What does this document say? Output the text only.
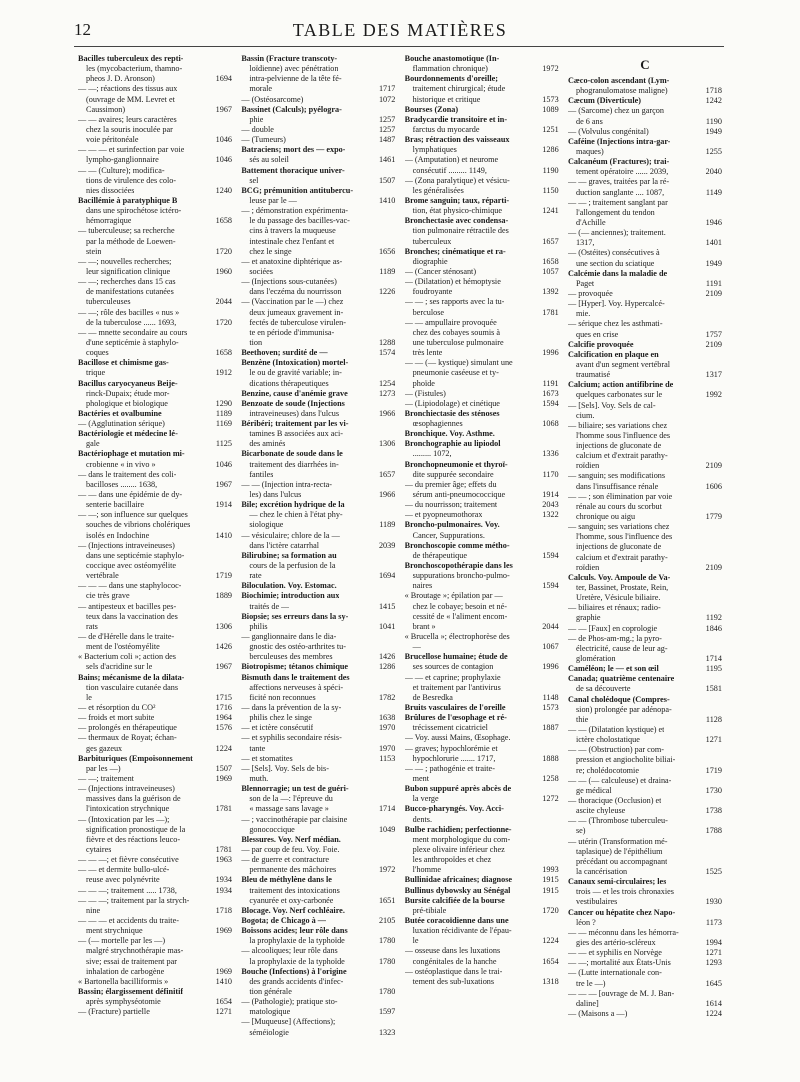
12	TABLE DES MATIÈRES
Bacilles tuberculeux des repti-
les (mycobacterium, thamno-
pheos J. D. Aronson)	1694
— —; réactions des tissus aux
(ouvrage de MM. Levret et
Caussimon)	1967
— — avaires; leurs caractères
chez la souris inoculée par
voie péritonéale	1046
— — — et surinfection par voie
lympho-ganglionnaire	1046
— — (Culture); modifica-
tions de virulence des colo-
nies dissociées	1240
Bacillémie à paratyphique B
dans une spirochétose ictéro-
hémorragique	1658
— tuberculeuse; sa recherche
par la méthode de Loewen-
stein	1720
— —; nouvelles recherches;
leur signification clinique	1960
— —; recherches dans 15 cas
de manifestations cutanées
tuberculeuses	2044
— —; rôle des bacilles « nus »
de la tuberculose ...... 1693,	1720
— — mnette secondaire au cours
d'une septicémie à staphylo-
coques	1658
Bacillose et chimisme gas-
trique	1912
Bacillus caryocyaneus Beije-
rinck-Dupaix; étude mor-
phologique et biologique	1290
Bactéries et ovalbumine	1189
— (Agglutination sérique)	1169
Bactériologie et médecine lé-
gale	1125
Bactériophage et mutation mi-
crobienne « in vivo »	1046
— dans le traitement des coli-
bacilloses ........ 1638,	1967
— — dans une épidémie de dy-
senterie bacillaire	1914
— —; son influence sur quelques
souches de vibrions cholériques
isolés en Indochine	1410
— (Injections intraveineuses)
dans une septicémie staphylo-
coccique avec ostéomyélite
vertébrale	1719
— — — dans une staphylococ-
cie très grave	1889
— antipesteux et bacilles pes-
teux dans la vaccination des
rats	1306
— de d'Hérelle dans le traite-
ment de l'ostéomyélite	1426
« Bacterium coli »; action des
sels d'acridine sur le	1967
Bains; mécanisme de la dilata-
tion vasculaire cutanée dans
le	1715
— et résorption du CO²	1716
— froids et mort subite	1964
— prolongés en thérapeutique	1576
— thermaux de Royat; échan-
ges gazeux	1224
Barbituriques (Empoisonnement
par les —)	1507
— —; traitement	1969
— (Injections intraveineuses)
massives dans la guérison de
l'intoxication strychnique	1781
— (Intoxication par les —);
signification pronostique de la
fièvre et des réactions leuco-
cytaires	1781
— — —; et fièvre consécutive	1963
— — et dermite bullo-ulcé-
reuse avec polynévrite	1934
— — —; traitement ..... 1738,	1934
— — —; traitement par la strych-
nine	1718
— — — et accidents du traite-
ment strychnique	1969
— (— mortelle par les —)
malgré strychnothérapie mas-
sive; essai de traitement par
inhalation de carbogène	1969
« Bartonella bacilliformis »	1410
Bassin; élargissement définitif
après symphyséotomie	1654
— (Fracture) partielle	1271
Bassin (Fracture transcoty-
loïdienne) avec pénétration
intra-pelvienne de la tête fé-
morale	1717
— (Ostéosarcome)	1072
Bassinet (Calculs); pyélogra-
phie	1257
— double	1257
— (Tumeurs)	1487
Batraciens; mort des — expo-
sés au soleil	1461
Battement thoracique univer-
sel	1507
BCG; prémunition antitubercu-
leuse par le —	1410
— ; démonstration expérimenta-
le du passage des bacilles-vac-
cins à travers la muqueuse
intestinale chez l'enfant et
chez le singe	1656
— et anatoxine diphtérique as-
sociées	1189
— (Injections sous-cutanées)
dans l'eczéma du nourrisson	1226
— (Vaccination par le —) chez
deux jumeaux gravement in-
fectés de tuberculose virulen-
te en période d'immunisa-
tion	1288
Beethoven; surdité de —	1574
Benzène (Intoxication) mortel-
le ou de gravité variable; in-
dications thérapeutiques	1254
Benzine, cause d'anémie grave	1273
Benzoate de soude (Injections
intraveineuses) dans l'ulcus	1966
Béribéri; traitement par les vi-
tamines B associées aux aci-
des aminés	1306
Bicarbonate de soude dans le
traitement des diarrhées in-
fantiles	1657
— — (Injection intra-recta-
les) dans l'ulcus	1966
Bile; excrétion hydrique de la
— chez le chien à l'état phy-
siologique	1189
— vésiculaire; chlore de la —
dans l'ictère catarrhal	2039
Bilirubine; sa formation au
cours de la perfusion de la
rate	1694
Biloculation. Voy. Estomac.
Biochimie; introduction aux
traités de —	1415
Biopsie; ses erreurs dans la sy-
philis	1041
— ganglionnaire dans le dia-
gnostic des ostéo-arthrites tu-
berculeuses des membres	1426
Biotropisme; tétanos chimique	1286
Bismuth dans le traitement des
affections nerveuses à spéci-
ficité non reconnues	1782
— dans la prévention de la sy-
philis chez le singe	1638
— et ictère consécutif	1970
— et syphilis secondaire résis-
tante	1970
— et stomatites	1153
— [Sels]. Voy. Sels de bis-
muth.
Blennorragie; un test de guéri-
son de la —: l'épreuve du
« massage sans lavage »	1714
— ; vaccinothérapie par claisine
gonococcique	1049
Blessures. Voy. Nerf médian.
— par coup de feu. Voy. Foie.
— de guerre et contracture
permanente des mâchoires	1972
Bleu de méthylène dans le
traitement des intoxications
cyanurée et oxy-carbonée	1651
Blocage. Voy. Nerf cochléaire.
Bogota; de Chicago à —	2105
Boissons acides; leur rôle dans
la prophylaxie de la typhoïde	1780
— alcooliques; leur rôle dans
la prophylaxie de la typhoïde	1780
Bouche (Infections) à l'origine
des grands accidents d'infec-
tion générale	1780
— (Pathologie); pratique sto-
matologique	1597
— [Muqueuse] (Affections);
séméiologie	1323
Bouche anastomotique (In-
flammation chronique)	1972
Bourdonnements d'oreille;
traitement chirurgical; étude
historique et critique	1573
Bourses (Zona)	1089
Bradycardie transitoire et in-
farctus du myocarde	1251
Bras; rétraction des vaisseaux
lymphatiques	1286
— (Amputation) et neurome
consécutif ......... 1149,	1190
— (Zona paralytique) et vésicu-
les généralisées	1150
Brome sanguin; taux, réparti-
tion, état physico-chimique	1241
Bronchectasie avec condensa-
tion pulmonaire rétractile des
tuberculeux	1657
Bronches; cinématique et ra-
diographie	1658
— (Cancer sténosant)	1057
— (Dilatation) et hémoptysie
foudroyante	1392
— — ; ses rapports avec la tu-
berculose	1781
— — ampullaire provoquée
chez des cobayes soumis à
une tuberculose pulmonaire
très lente	1996
— — (— kystique) simulant une
pneumonie caséeuse et ty-
phoïde	1191
— (Fistules)	1673
— (Lipiodolage) et cinétique	1594
Bronchiectasie des sténoses
œsophagiennes	1068
Bronchique. Voy. Asthme.
Bronchographie au lipiodol
......... 1072,	1336
Bronchopneumonie et thyroï-
dite suppurée secondaire	1170
— du premier âge; effets du
sérum anti-pneumococcique	1914
— du nourrisson; traitement	2043
— et pyopneumothorax	1322
Broncho-pulmonaires. Voy.
Cancer, Suppurations.
Bronchoscopie comme métho-
de thérapeutique	1594
Bronchoscopothérapie dans les
suppurations broncho-pulmo-
naires	1594
« Broutage »; épilation par —
chez le cobaye; besoin et né-
cessité de « l'aliment encom-
brant »	2044
« Brucella »; électrophorèse des
—	1067
Brucellose humaine; étude de
ses sources de contagion	1996
— — et caprine; prophylaxie
et traitement par l'antivirus
de Besredka	1148
Bruits vasculaires de l'oreille	1573
Brûlures de l'œsophage et ré-
trécissement cicatriciel	1887
— Voy. aussi Mains, Œsophage.
— graves; hypochlorémie et
hypochlorurie ....... 1717,	1888
— — ; pathogénie et traite-
ment	1258
Bubon suppuré après abcès de
la verge	1272
Bucco-pharyngés. Voy. Acci-
dents.
Bulbe rachidien; perfectionne-
ment morphologique du com-
plexe olivaire inférieur chez
les anthropoïdes et chez
l'homme	1993
Bullinidae africaines; diagnose	1915
Bullinus dybowsky au Sénégal	1915
Bursite calcifiée de la bourse
pré-tibiale	1720
Butée coracoïdienne dans une
luxation récidivante de l'épau-
le	1224
— osseuse dans les luxations
congénitales de la hanche	1654
— ostéoplastique dans le trai-
tement des sub-luxations	1318
C
Cæco-colon ascendant (Lym-
phogranulomatose maligne)	1718
Cæcum (Diverticule)	1242
— (Sarcome) chez un garçon
de 6 ans	1190
— (Volvulus congénital)	1949
Caféine (Injections intra-gar-
maques)	1255
Calcanéum (Fractures); trai-
tement opératoire ...... 2039,	2040
— — graves, traitées par la ré-
duction sanglante .... 1087,	1149
— — ; traitement sanglant par
l'allongement du tendon
d'Achille	1946
— (— anciennes); traitement.
1317,	1401
— (Ostéites) consécutives à
une section du sciatique	1949
Calcémie dans la maladie de
Paget	1191
— provoquée	2109
— [Hyper]. Voy. Hypercalcé-
mie.
— sérique chez les asthmati-
ques en crise	1757
Calcifie provoquée	2109
Calcification en plaque en
avant d'un segment vertébral
traumatisé	1317
Calcium; action antifibrine de
quelques carbonates sur le	1992
— [Sels]. Voy. Sels de cal-
cium.
— biliaire; ses variations chez
l'homme sous l'influence des
injections de gluconate de
calcium et d'extrait parathy-
roïdien	2109
— sanguin; ses modifications
dans l'insuffisance rénale	1606
— — ; son élimination par voie
rénale au cours du scorbut
chronique ou aigu	1779
— sanguin; ses variations chez
l'homme, sous l'influence des
injections de gluconate de
calcium et d'extrait parathy-
roïdien	2109
Calculs. Voy. Ampoule de Va-
ter, Bassinet, Prostate, Rein,
Uretère, Vésicule biliaire.
— biliaires et rénaux; radio-
graphie	1192
— — [Faux] en coprologie	1846
— de Phos-am-mg.; la pyro-
électricité, cause de leur ag-
glomération	1714
Caméléon; le — et son œil	1195
Canada; quatrième centenaire
de sa découverte	1581
Canal cholédoque (Compres-
sion) prolongée par adénopa-
thie	1128
— — (Dilatation kystique) et
ictère cholostatique	1271
— — (Obstruction) par com-
pression et angiocholite biliai-
re; cholédocotomie	1719
— — (— calculeuse) et draina-
ge médical	1730
— thoracique (Occlusion) et
ascite chyleuse	1738
— — (Thrombose tuberculeu-
se)	1788
— utérin (Transformation mé-
taplasique) de l'épithélium
précédant ou accompagnant
la cancérisation	1525
Canaux semi-circulaires; les
trois — et les trois chronaxies
vestibulaires	1930
Cancer ou hépatite chez Napo-
léon ?	1173
— — méconnu dans les hémorra-
gies des artério-scléreux	1994
— — et syphilis en Norvège	1271
— —; mortalité aux États-Unis	1293
— (Lutte internationale con-
tre le —)	1645
— — — [ouvrage de M. J. Ban-
daline]	1614
— (Maisons a —)	1224
